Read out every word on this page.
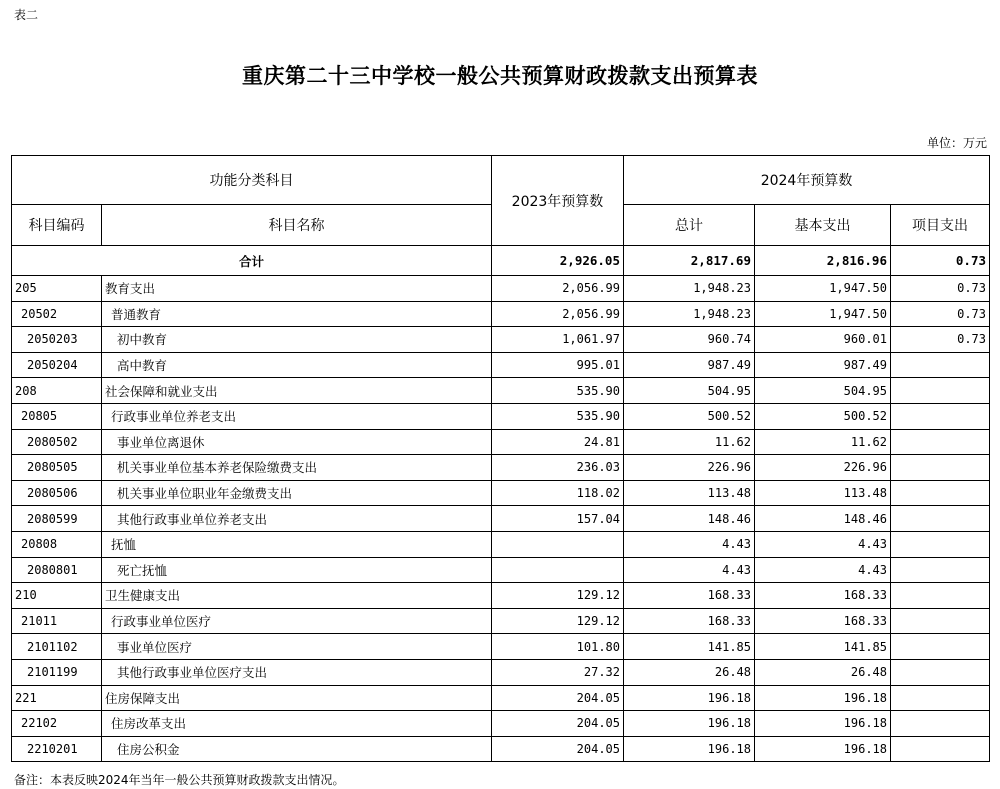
表二
重庆第二十三中学校一般公共预算财政拨款支出预算表
单位：万元
功能分类科目		2023年预算数	2024年预算数		
科目编码	科目名称		总计	基本支出	项目支出
合计		2,926.05	2,817.69	2,816.96	0.73
205	教育支出	2,056.99	1,948.23	1,947.50	0.73
20502	普通教育	2,056.99	1,948.23	1,947.50	0.73
2050203	初中教育	1,061.97	960.74	960.01	0.73
2050204	高中教育	995.01	987.49	987.49	
208	社会保障和就业支出	535.90	504.95	504.95	
20805	行政事业单位养老支出	535.90	500.52	500.52	
2080502	事业单位离退休	24.81	11.62	11.62	
2080505	机关事业单位基本养老保险缴费支出	236.03	226.96	226.96	
2080506	机关事业单位职业年金缴费支出	118.02	113.48	113.48	
2080599	其他行政事业单位养老支出	157.04	148.46	148.46	
20808	抚恤		4.43	4.43	
2080801	死亡抚恤		4.43	4.43	
210	卫生健康支出	129.12	168.33	168.33	
21011	行政事业单位医疗	129.12	168.33	168.33	
2101102	事业单位医疗	101.80	141.85	141.85	
2101199	其他行政事业单位医疗支出	27.32	26.48	26.48	
221	住房保障支出	204.05	196.18	196.18	
22102	住房改革支出	204.05	196.18	196.18	
2210201	住房公积金	204.05	196.18	196.18	
备注：本表反映2024年当年一般公共预算财政拨款支出情况。
